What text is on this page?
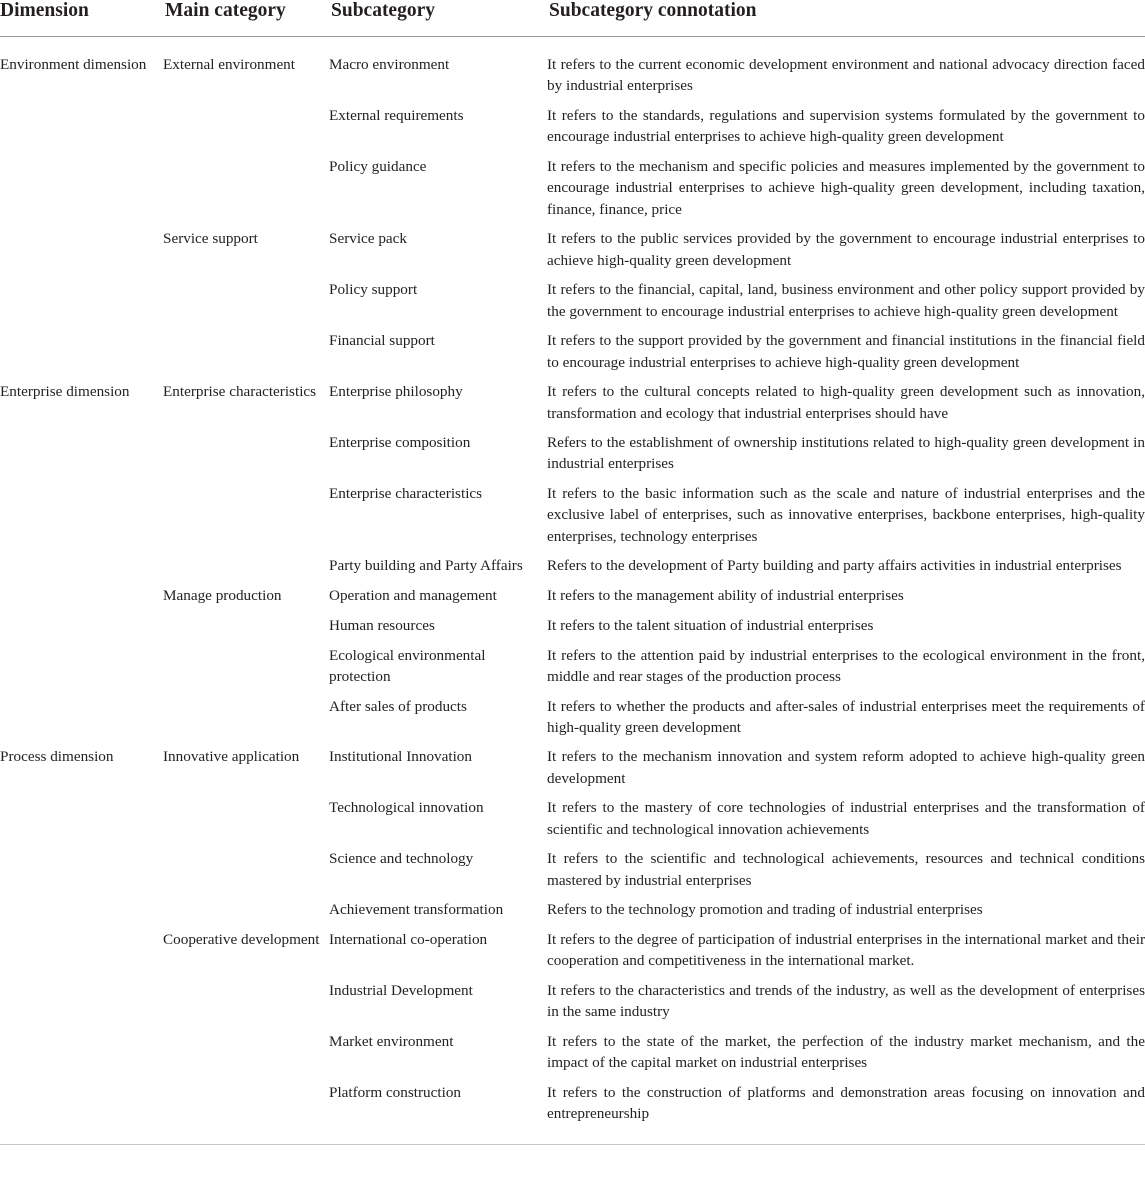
Dimension	Main category	Subcategory	Subcategory connotation
Environment dimension	External environment	Macro environment	It refers to the current economic development environment and national advocacy direction faced by industrial enterprises
		External requirements	It refers to the standards, regulations and supervision systems formulated by the government to encourage industrial enterprises to achieve high-quality green development
		Policy guidance	It refers to the mechanism and specific policies and measures implemented by the government to encourage industrial enterprises to achieve high-quality green development, including taxation, finance, finance, price
	Service support	Service pack	It refers to the public services provided by the government to encourage industrial enterprises to achieve high-quality green development
		Policy support	It refers to the financial, capital, land, business environment and other policy support provided by the government to encourage industrial enterprises to achieve high-quality green development
		Financial support	It refers to the support provided by the government and financial institutions in the financial field to encourage industrial enterprises to achieve high-quality green development
Enterprise dimension	Enterprise characteristics	Enterprise philosophy	It refers to the cultural concepts related to high-quality green development such as innovation, transformation and ecology that industrial enterprises should have
		Enterprise composition	Refers to the establishment of ownership institutions related to high-quality green development in industrial enterprises
		Enterprise characteristics	It refers to the basic information such as the scale and nature of industrial enterprises and the exclusive label of enterprises, such as innovative enterprises, backbone enterprises, high-quality enterprises, technology enterprises
		Party building and Party Affairs	Refers to the development of Party building and party affairs activities in industrial enterprises
	Manage production	Operation and management	It refers to the management ability of industrial enterprises
		Human resources	It refers to the talent situation of industrial enterprises
		Ecological environmental protection	It refers to the attention paid by industrial enterprises to the ecological environment in the front, middle and rear stages of the production process
		After sales of products	It refers to whether the products and after-sales of industrial enterprises meet the requirements of high-quality green development
Process dimension	Innovative application	Institutional Innovation	It refers to the mechanism innovation and system reform adopted to achieve high-quality green development
		Technological innovation	It refers to the mastery of core technologies of industrial enterprises and the transformation of scientific and technological innovation achievements
		Science and technology	It refers to the scientific and technological achievements, resources and technical conditions mastered by industrial enterprises
		Achievement transformation	Refers to the technology promotion and trading of industrial enterprises
	Cooperative development	International co-operation	It refers to the degree of participation of industrial enterprises in the international market and their cooperation and competitiveness in the international market.
		Industrial Development	It refers to the characteristics and trends of the industry, as well as the development of enterprises in the same industry
		Market environment	It refers to the state of the market, the perfection of the industry market mechanism, and the impact of the capital market on industrial enterprises
		Platform construction	It refers to the construction of platforms and demonstration areas focusing on innovation and entrepreneurship
